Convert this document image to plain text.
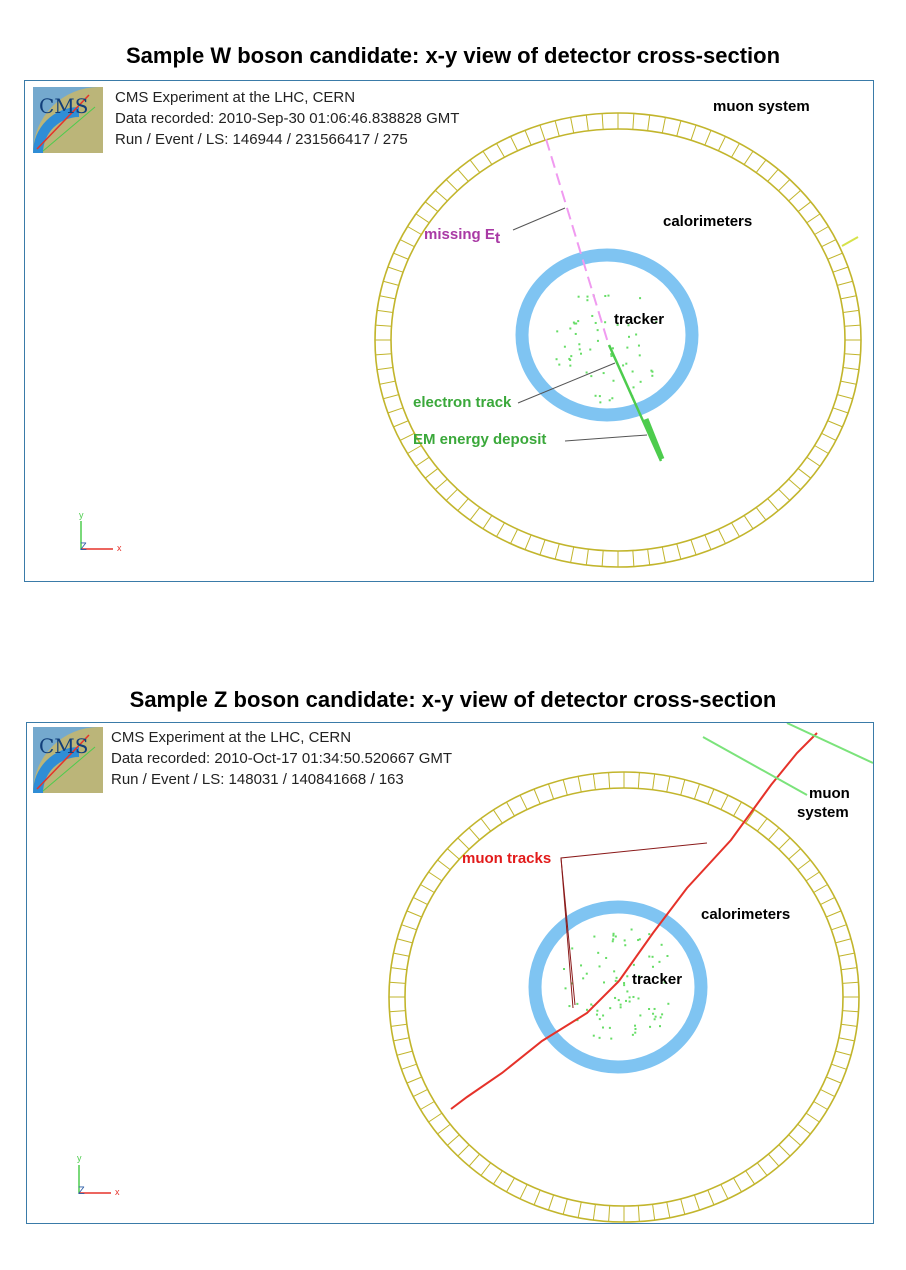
Sample W boson candidate: x-y view of detector cross-section
CMS CMS Experiment at the LHC, CERN
Data recorded: 2010-Sep-30 01:06:46.838828 GMT
Run / Event / LS: 146944 / 231566417 / 275
muon system
calorimeters
missing Et
tracker
electron track
EM energy deposit
y
Z	x
Sample Z boson candidate: x-y view of detector cross-section
CMS CMS Experiment at the LHC, CERN
Data recorded: 2010-Oct-17 01:34:50.520667 GMT
Run / Event / LS: 148031 / 140841668 / 163
muon
system
calorimeters
muon tracks
tracker
y
Z	x
